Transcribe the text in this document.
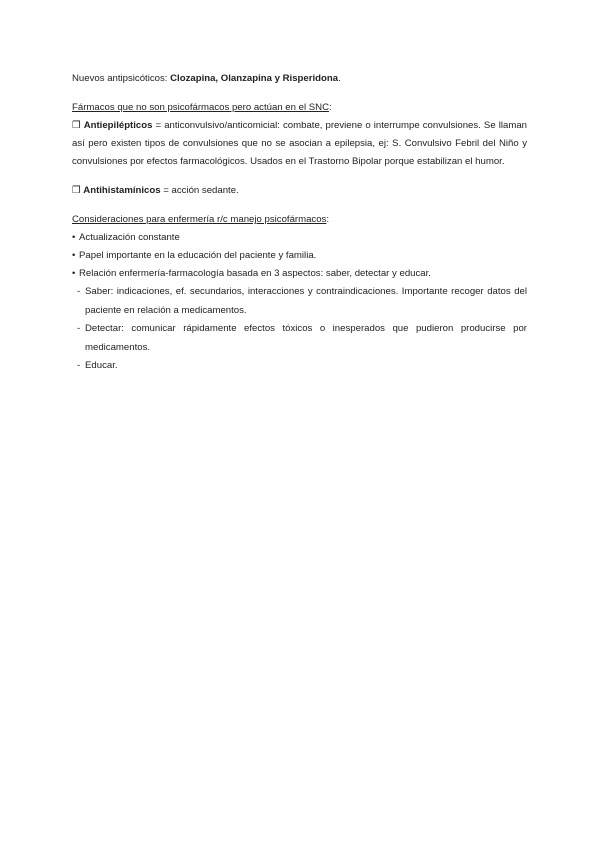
Nuevos antipsicóticos: Clozapina, Olanzapina y Risperidona.

Fármacos que no son psicofármacos pero actúan en el SNC:

❒ Antiepilépticos = anticonvulsivo/anticomicial: combate, previene o interrumpe convulsiones. Se llaman así pero existen tipos de convulsiones que no se asocian a epilepsia, ej: S. Convulsivo Febril del Niño y convulsiones por efectos farmacológicos. Usados en el Trastorno Bipolar porque estabilizan el humor.

❒ Antihistamínicos = acción sedante.

Consideraciones para enfermería r/c manejo psicofármacos:

• Actualización constante
• Papel importante en la educación del paciente y familia.
• Relación enfermería-farmacología basada en 3 aspectos: saber, detectar y educar.
- Saber: indicaciones, ef. secundarios, interacciones y contraindicaciones. Importante recoger datos del paciente en relación a medicamentos.
- Detectar: comunicar rápidamente efectos tóxicos o inesperados que pudieron producirse por medicamentos.
- Educar.
